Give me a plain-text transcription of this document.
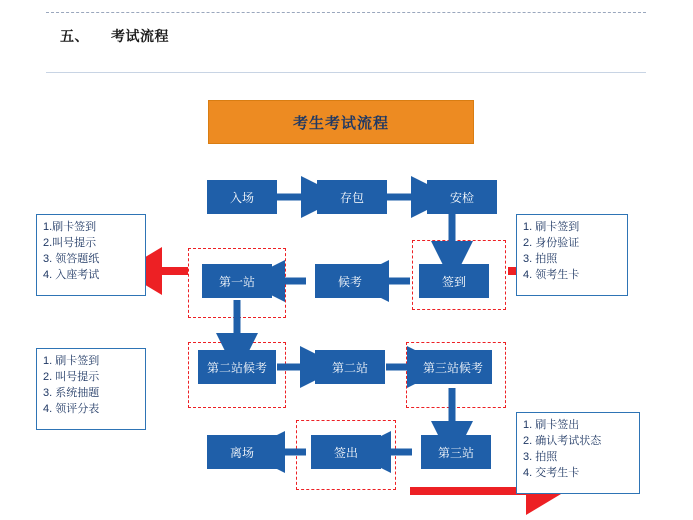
五、 考试流程
考生考试流程
入场	存包	安检
第一站	候考	签到
第二站候考	第二站	第三站候考
离场	签出	第三站
1.刷卡签到
2.叫号提示
3. 领答题纸
4. 入座考试
1. 刷卡签到
2. 身份验证
3. 拍照
4. 领考生卡
1. 刷卡签到
2. 叫号提示
3. 系统抽题
4. 领评分表
1. 刷卡签出
2. 确认考试状态
3. 拍照
4. 交考生卡
